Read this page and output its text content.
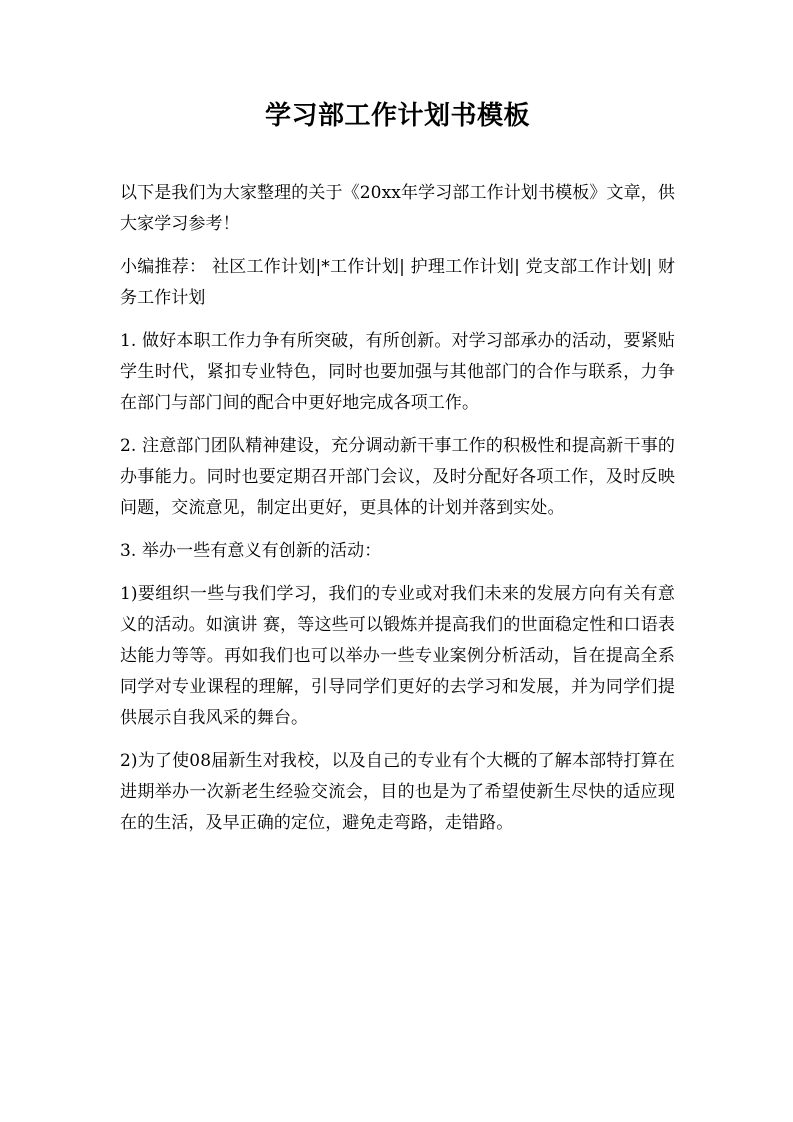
学习部工作计划书模板

以下是我们为大家整理的关于《20xx年学习部工作计划书模板》文章，供大家学习参考！

小编推荐： 社区工作计划|*工作计划| 护理工作计划| 党支部工作计划| 财务工作计划

1. 做好本职工作力争有所突破，有所创新。对学习部承办的活动，要紧贴学生时代，紧扣专业特色，同时也要加强与其他部门的合作与联系，力争在部门与部门间的配合中更好地完成各项工作。

2. 注意部门团队精神建设，充分调动新干事工作的积极性和提高新干事的办事能力。同时也要定期召开部门会议，及时分配好各项工作，及时反映问题，交流意见，制定出更好，更具体的计划并落到实处。

3. 举办一些有意义有创新的活动：

1)要组织一些与我们学习，我们的专业或对我们未来的发展方向有关有意义的活动。如演讲 赛，等这些可以锻炼并提高我们的世面稳定性和口语表达能力等等。再如我们也可以举办一些专业案例分析活动，旨在提高全系同学对专业课程的理解，引导同学们更好的去学习和发展，并为同学们提供展示自我风采的舞台。

2)为了使08届新生对我校，以及自己的专业有个大概的了解本部特打算在进期举办一次新老生经验交流会，目的也是为了希望使新生尽快的适应现在的生活，及早正确的定位，避免走弯路，走错路。
